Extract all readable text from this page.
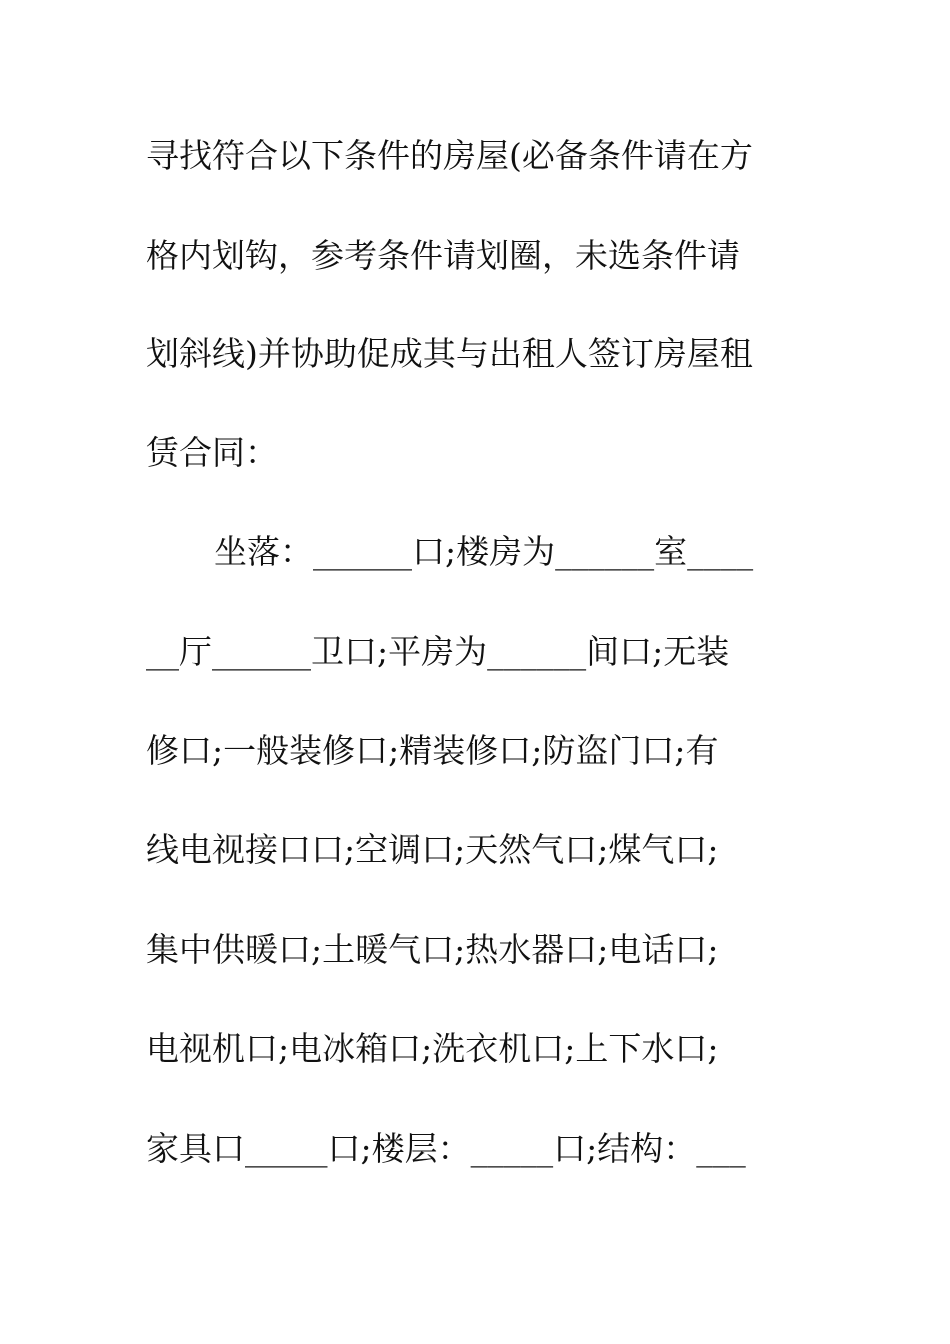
寻找符合以下条件的房屋(必备条件请在方
格内划钩，参考条件请划圈，未选条件请
划斜线)并协助促成其与出租人签订房屋租
赁合同：
坐落：______口;楼房为______室____
__厅______卫口;平房为______间口;无装
修口;一般装修口;精装修口;防盗门口;有
线电视接口口;空调口;天然气口;煤气口;
集中供暖口;土暖气口;热水器口;电话口;
电视机口;电冰箱口;洗衣机口;上下水口;
家具口_____口;楼层：_____口;结构：___
